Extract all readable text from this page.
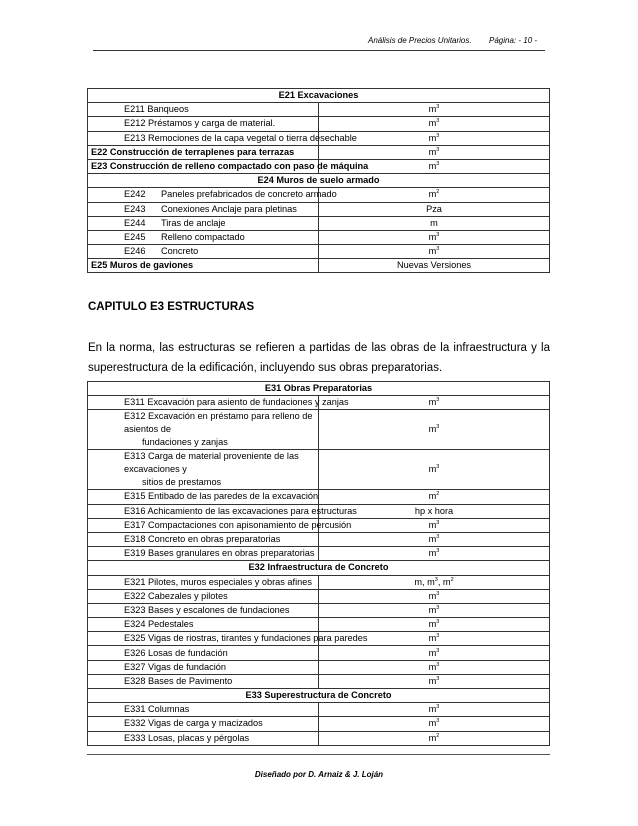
Análisis de Precios Unitarios. Página: - 10 -
E21 Excavaciones	
E211 Banqueos	$m^3$
E212 Préstamos y carga de material.	$m^3$
E213 Remociones de la capa vegetal o tierra desechable	$m^3$
E22 Construcción de terraplenes para terrazas	$m^3$
E23 Construcción de relleno compactado con paso de máquina	$m^3$
E24 Muros de suelo armado	
E242 Paneles prefabricados de concreto armado	$m^2$
E243 Conexiones Anclaje para pletinas	Pza
E244 Tiras de anclaje	m
E245 Relleno compactado	$m^3$
E246 Concreto	$m^3$
E25 Muros de gaviones	Nuevas Versiones
CAPITULO E3 ESTRUCTURAS
En la norma, las estructuras se refieren a partidas de las obras de la infraestructura y la superestructura de la edificación, incluyendo sus obras preparatorias.
E31 Obras Preparatorias	
E311 Excavación para asiento de fundaciones y zanjas	$m^3$
E312 Excavación en préstamo para relleno de asientos de
fundaciones y zanjas	$m^3$
E313 Carga de material proveniente de las excavaciones y
sitios de prestamos	$m^3$
E315 Entibado de las paredes de la excavación	$m^2$
E316 Achicamiento de las excavaciones para estructuras	hp x hora
E317 Compactaciones con apisonamiento de percusión	$m^3$
E318 Concreto en obras preparatorias	$m^3$
E319 Bases granulares en obras preparatorias	$m^3$
E32 Infraestructura de Concreto	
E321 Pilotes, muros especiales y obras afines	m, $m^3$, $m^2$
E322 Cabezales y pilotes	$m^3$
E323 Bases y escalones de fundaciones	$m^3$
E324 Pedestales	$m^3$
E325 Vigas de riostras, tirantes y fundaciones para paredes	$m^3$
E326 Losas de fundación	$m^3$
E327 Vigas de fundación	$m^3$
E328 Bases de Pavimento	$m^3$
E33 Superestructura de Concreto	
E331 Columnas	$m^3$
E332 Vigas de carga y macizados	$m^3$
E333 Losas, placas y pérgolas	$m^2$
Diseñado por D. Arnaiz & J. Loján
